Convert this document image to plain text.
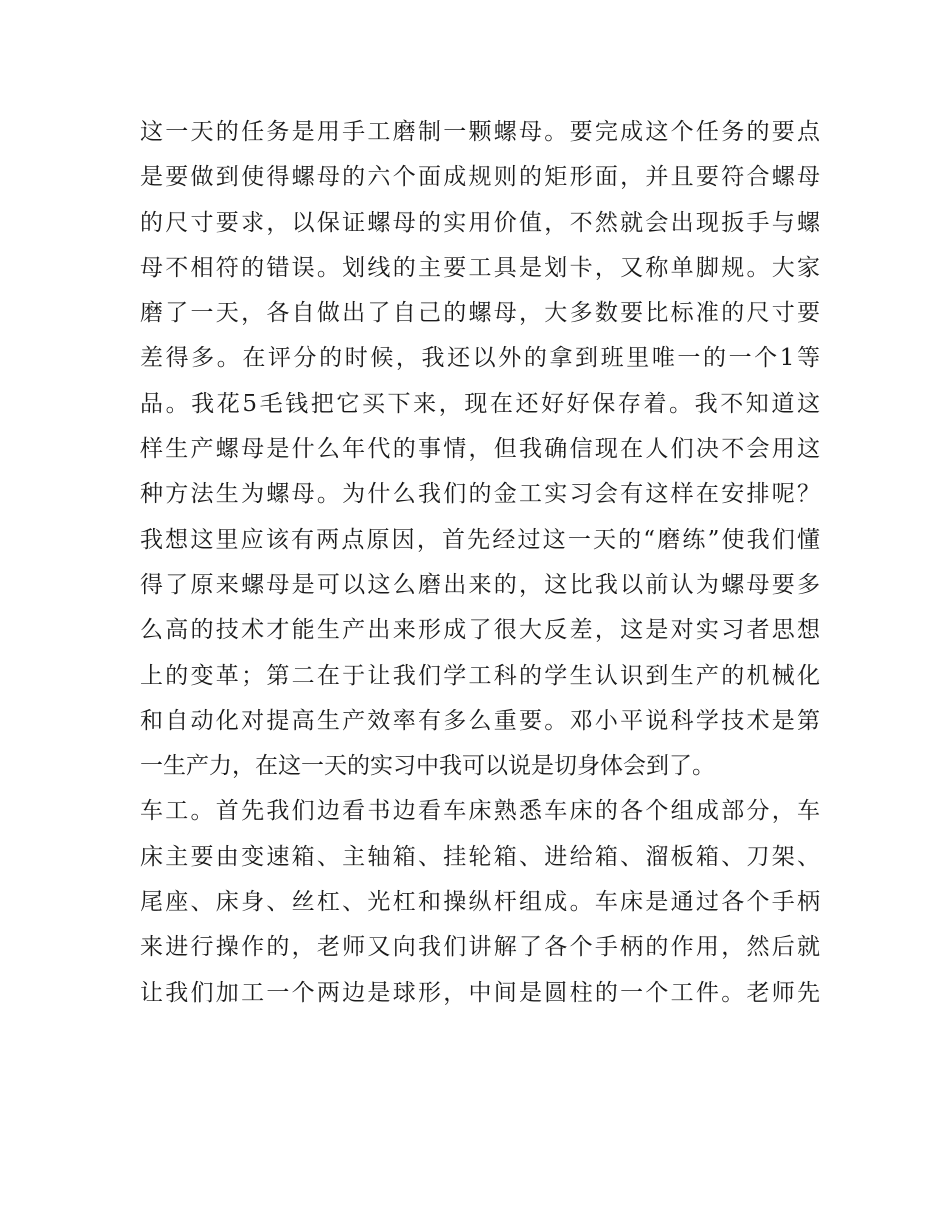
这一天的任务是用手工磨制一颗螺母。要完成这个任务的要点
是要做到使得螺母的六个面成规则的矩形面，并且要符合螺母
的尺寸要求，以保证螺母的实用价值，不然就会出现扳手与螺
母不相符的错误。划线的主要工具是划卡，又称单脚规。大家
磨了一天，各自做出了自己的螺母，大多数要比标准的尺寸要
差得多。在评分的时候，我还以外的拿到班里唯一的一个1等
品。我花5毛钱把它买下来，现在还好好保存着。我不知道这
样生产螺母是什么年代的事情，但我确信现在人们决不会用这
种方法生为螺母。为什么我们的金工实习会有这样在安排呢？
我想这里应该有两点原因，首先经过这一天的“磨练”使我们懂
得了原来螺母是可以这么磨出来的，这比我以前认为螺母要多
么高的技术才能生产出来形成了很大反差，这是对实习者思想
上的变革；第二在于让我们学工科的学生认识到生产的机械化
和自动化对提高生产效率有多么重要。邓小平说科学技术是第
一生产力，在这一天的实习中我可以说是切身体会到了。
车工。首先我们边看书边看车床熟悉车床的各个组成部分，车
床主要由变速箱、主轴箱、挂轮箱、进给箱、溜板箱、刀架、
尾座、床身、丝杠、光杠和操纵杆组成。车床是通过各个手柄
来进行操作的，老师又向我们讲解了各个手柄的作用，然后就
让我们加工一个两边是球形，中间是圆柱的一个工件。老师先
